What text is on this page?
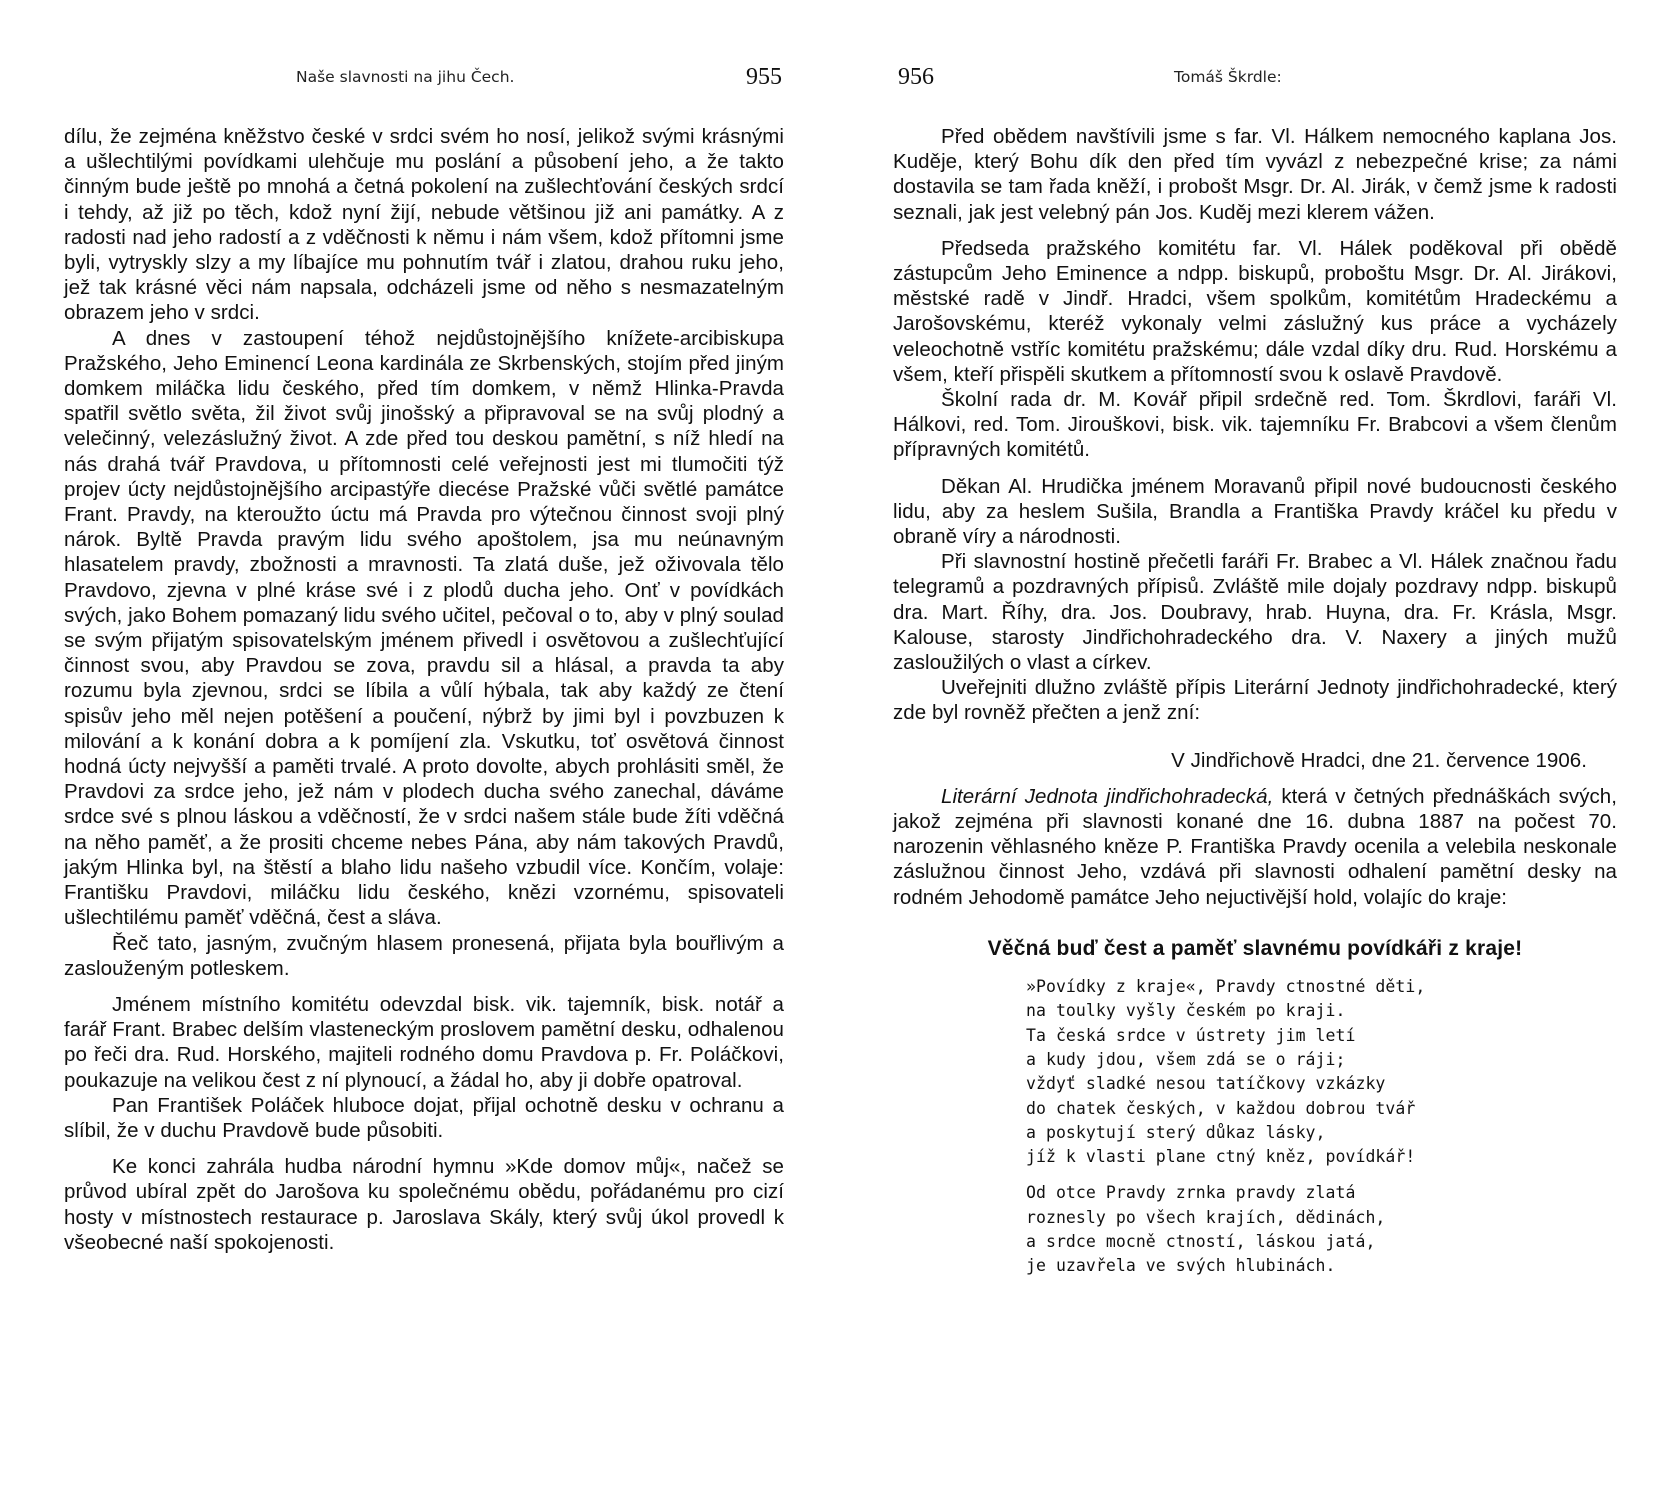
Naše slavnosti na jihu Čech.	955

dílu, že zejména kněžstvo české v srdci svém ho nosí, jelikož svými krásnými a ušlechtilými povídkami ulehčuje mu poslání a působení jeho, a že takto činným bude ještě po mnohá a četná pokolení na zušlechťování českých srdcí i tehdy, až již po těch, kdož nyní žijí, nebude většinou již ani památky. A z radosti nad jeho radostí a z vděčnosti k němu i nám všem, kdož přítomni jsme byli, vytryskly slzy a my líbajíce mu pohnutím tvář i zlatou, drahou ruku jeho, jež tak krásné věci nám napsala, odcházeli jsme od něho s nesmazatelným obrazem jeho v srdci.

A dnes v zastoupení téhož nejdůstojnějšího knížete-arcibiskupa Pražského, Jeho Eminencí Leona kardinála ze Skrbenských, stojím před jiným domkem miláčka lidu českého, před tím domkem, v němž Hlinka-Pravda spatřil světlo světa, žil život svůj jinošský a připravoval se na svůj plodný a velečinný, velezáslužný život. A zde před tou deskou pamětní, s níž hledí na nás drahá tvář Pravdova, u přítomnosti celé veřejnosti jest mi tlumočiti týž projev úcty nejdůstojnějšího arcipastýře diecése Pražské vůči světlé památce Frant. Pravdy, na kteroužto úctu má Pravda pro výtečnou činnost svoji plný nárok. Byltě Pravda pravým lidu svého apoštolem, jsa mu neúnavným hlasatelem pravdy, zbožnosti a mravnosti. Ta zlatá duše, jež oživovala tělo Pravdovo, zjevna v plné kráse své i z plodů ducha jeho. Onť v povídkách svých, jako Bohem pomazaný lidu svého učitel, pečoval o to, aby v plný soulad se svým přijatým spisovatelským jménem přivedl i osvětovou a zušlechťující činnost svou, aby Pravdou se zova, pravdu sil a hlásal, a pravda ta aby rozumu byla zjevnou, srdci se líbila a vůlí hýbala, tak aby každý ze čtení spisův jeho měl nejen potěšení a poučení, nýbrž by jimi byl i povzbuzen k milování a k konání dobra a k pomíjení zla. Vskutku, toť osvětová činnost hodná úcty nejvyšší a paměti trvalé. A proto dovolte, abych prohlásiti směl, že Pravdovi za srdce jeho, jež nám v plodech ducha svého zanechal, dáváme srdce své s plnou láskou a vděčností, že v srdci našem stále bude žíti vděčná na něho paměť, a že prositi chceme nebes Pána, aby nám takových Pravdů, jakým Hlinka byl, na štěstí a blaho lidu našeho vzbudil více. Končím, volaje: Františku Pravdovi, miláčku lidu českého, knězi vzornému, spisovateli ušlechtilému paměť vděčná, čest a sláva.

Řeč tato, jasným, zvučným hlasem pronesená, přijata byla bouřlivým a zaslouženým potleskem.

Jménem místního komitétu odevzdal bisk. vik. tajemník, bisk. notář a farář Frant. Brabec delším vlasteneckým proslovem pamětní desku, odhalenou po řeči dra. Rud. Horského, majiteli rodného domu Pravdova p. Fr. Poláčkovi, poukazuje na velikou čest z ní plynoucí, a žádal ho, aby ji dobře opatroval.

Pan František Poláček hluboce dojat, přijal ochotně desku v ochranu a slíbil, že v duchu Pravdově bude působiti.

Ke konci zahrála hudba národní hymnu »Kde domov můj«, načež se průvod ubíral zpět do Jarošova ku společnému obědu, pořádanému pro cizí hosty v místnostech restaurace p. Jaroslava Skály, který svůj úkol provedl k všeobecné naší spokojenosti.

956	Tomáš Škrdle:

Před obědem navštívili jsme s far. Vl. Hálkem nemocného kaplana Jos. Kuděje, který Bohu dík den před tím vyvázl z nebezpečné krise; za námi dostavila se tam řada kněží, i probošt Msgr. Dr. Al. Jirák, v čemž jsme k radosti seznali, jak jest velebný pán Jos. Kuděj mezi klerem vážen.

Předseda pražského komitétu far. Vl. Hálek poděkoval při obědě zástupcům Jeho Eminence a ndpp. biskupů, proboštu Msgr. Dr. Al. Jirákovi, městské radě v Jindř. Hradci, všem spolkům, komitétům Hradeckému a Jarošovskému, kteréž vykonaly velmi záslužný kus práce a vycházely veleochotně vstříc komitétu pražskému; dále vzdal díky dru. Rud. Horskému a všem, kteří přispěli skutkem a přítomností svou k oslavě Pravdově.

Školní rada dr. M. Kovář připil srdečně red. Tom. Škrdlovi, faráři Vl. Hálkovi, red. Tom. Jirouškovi, bisk. vik. tajemníku Fr. Brabcovi a všem členům přípravných komitétů.

Děkan Al. Hrudička jménem Moravanů připil nové budoucnosti českého lidu, aby za heslem Sušila, Brandla a Františka Pravdy kráčel ku předu v obraně víry a národnosti.

Při slavnostní hostině přečetli faráři Fr. Brabec a Vl. Hálek značnou řadu telegramů a pozdravných přípisů. Zvláště mile dojaly pozdravy ndpp. biskupů dra. Mart. Říhy, dra. Jos. Doubravy, hrab. Huyna, dra. Fr. Krásla, Msgr. Kalouse, starosty Jindřichohradeckého dra. V. Naxery a jiných mužů zasloužilých o vlast a církev.

Uveřejniti dlužno zvláště přípis Literární Jednoty jindřichohradecké, který zde byl rovněž přečten a jenž zní:

V Jindřichově Hradci, dne 21. července 1906.

Literární Jednota jindřichohradecká, která v četných přednáškách svých, jakož zejména při slavnosti konané dne 16. dubna 1887 na počest 70. narozenin věhlasného kněze P. Františka Pravdy ocenila a velebila neskonale záslužnou činnost Jeho, vzdává při slavnosti odhalení pamětní desky na rodném Jehodomě památce Jeho nejuctivější hold, volajíc do kraje:

Věčná buď čest a paměť slavnému povídkáři z kraje!

»Povídky z kraje«, Pravdy ctnostné děti,
na toulky vyšly českém po kraji.
Ta česká srdce v ústrety jim letí
a kudy jdou, všem zdá se o ráji;
vždyť sladké nesou tatíčkovy vzkázky
do chatek českých, v každou dobrou tvář
a poskytují sterý důkaz lásky,
jíž k vlasti plane ctný kněz, povídkář!
Od otce Pravdy zrnka pravdy zlatá
roznesly po všech krajích, dědinách,
a srdce mocně ctností, láskou jatá,
je uzavřela ve svých hlubinách.
